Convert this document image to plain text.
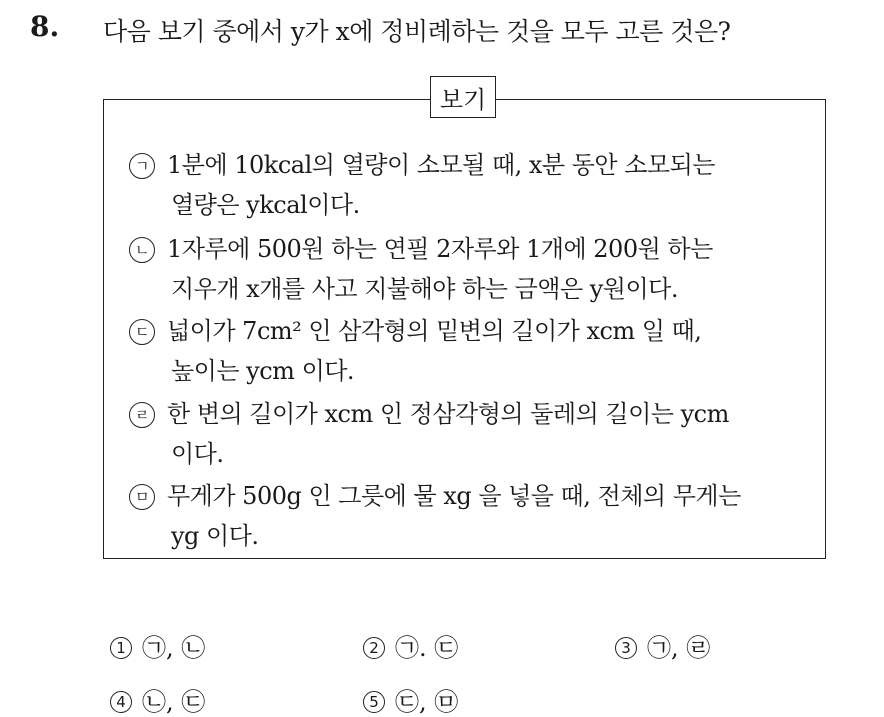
8. 다음 보기 중에서 y가 x에 정비례하는 것을 모두 고른 것은?
보기
ㄱ 1분에 10kcal의 열량이 소모될 때, x분 동안 소모되는
열량은 ykcal이다.
ㄴ 1자루에 500원 하는 연필 2자루와 1개에 200원 하는
지우개 x개를 사고 지불해야 하는 금액은 y원이다.
ㄷ 넓이가 7cm² 인 삼각형의 밑변의 길이가 xcm 일 때,
높이는 ycm 이다.
ㄹ 한 변의 길이가 xcm 인 정삼각형의 둘레의 길이는 ycm
이다.
ㅁ 무게가 500g 인 그릇에 물 xg 을 넣을 때, 전체의 무게는
yg 이다.
1 ㉠, ㉡	2 ㉠. ㉢	3 ㉠, ㉣
4 ㉡, ㉢	5 ㉢, ㉤
